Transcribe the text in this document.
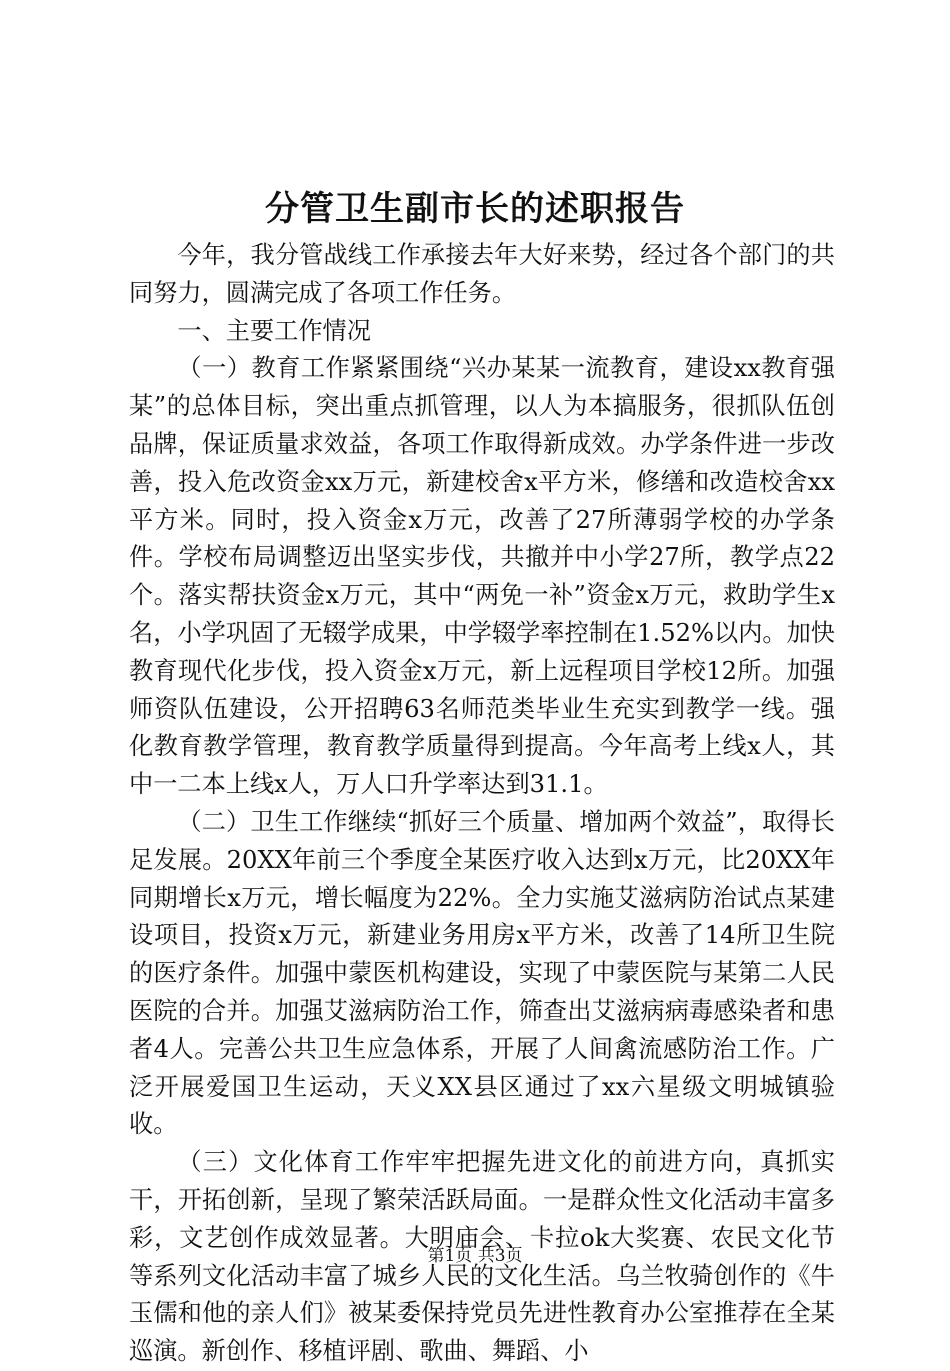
分管卫生副市长的述职报告

今年，我分管战线工作承接去年大好来势，经过各个部门的共同努力，圆满完成了各项工作任务。

一、主要工作情况

（一）教育工作紧紧围绕“兴办某某一流教育，建设xx教育强某”的总体目标，突出重点抓管理，以人为本搞服务，很抓队伍创品牌，保证质量求效益，各项工作取得新成效。办学条件进一步改善，投入危改资金xx万元，新建校舍x平方米，修缮和改造校舍xx平方米。同时，投入资金x万元，改善了27所薄弱学校的办学条件。学校布局调整迈出坚实步伐，共撤并中小学27所，教学点22个。落实帮扶资金x万元，其中“两免一补”资金x万元，救助学生x名，小学巩固了无辍学成果，中学辍学率控制在1.52%以内。加快教育现代化步伐，投入资金x万元，新上远程项目学校12所。加强师资队伍建设，公开招聘63名师范类毕业生充实到教学一线。强化教育教学管理，教育教学质量得到提高。今年高考上线x人，其中一二本上线x人，万人口升学率达到31.1。

（二）卫生工作继续“抓好三个质量、增加两个效益”，取得长足发展。20XX年前三个季度全某医疗收入达到x万元，比20XX年同期增长x万元，增长幅度为22%。全力实施艾滋病防治试点某建设项目，投资x万元，新建业务用房x平方米，改善了14所卫生院的医疗条件。加强中蒙医机构建设，实现了中蒙医院与某第二人民医院的合并。加强艾滋病防治工作，筛查出艾滋病病毒感染者和患者4人。完善公共卫生应急体系，开展了人间禽流感防治工作。广泛开展爱国卫生运动，天义XX县区通过了xx六星级文明城镇验收。

（三）文化体育工作牢牢把握先进文化的前进方向，真抓实干，开拓创新，呈现了繁荣活跃局面。一是群众性文化活动丰富多彩，文艺创作成效显著。大明庙会、卡拉ok大奖赛、农民文化节等系列文化活动丰富了城乡人民的文化生活。乌兰牧骑创作的《牛玉儒和他的亲人们》被某委保持党员先进性教育办公室推荐在全某巡演。新创作、移植评剧、歌曲、舞蹈、小

第1页 共3页
